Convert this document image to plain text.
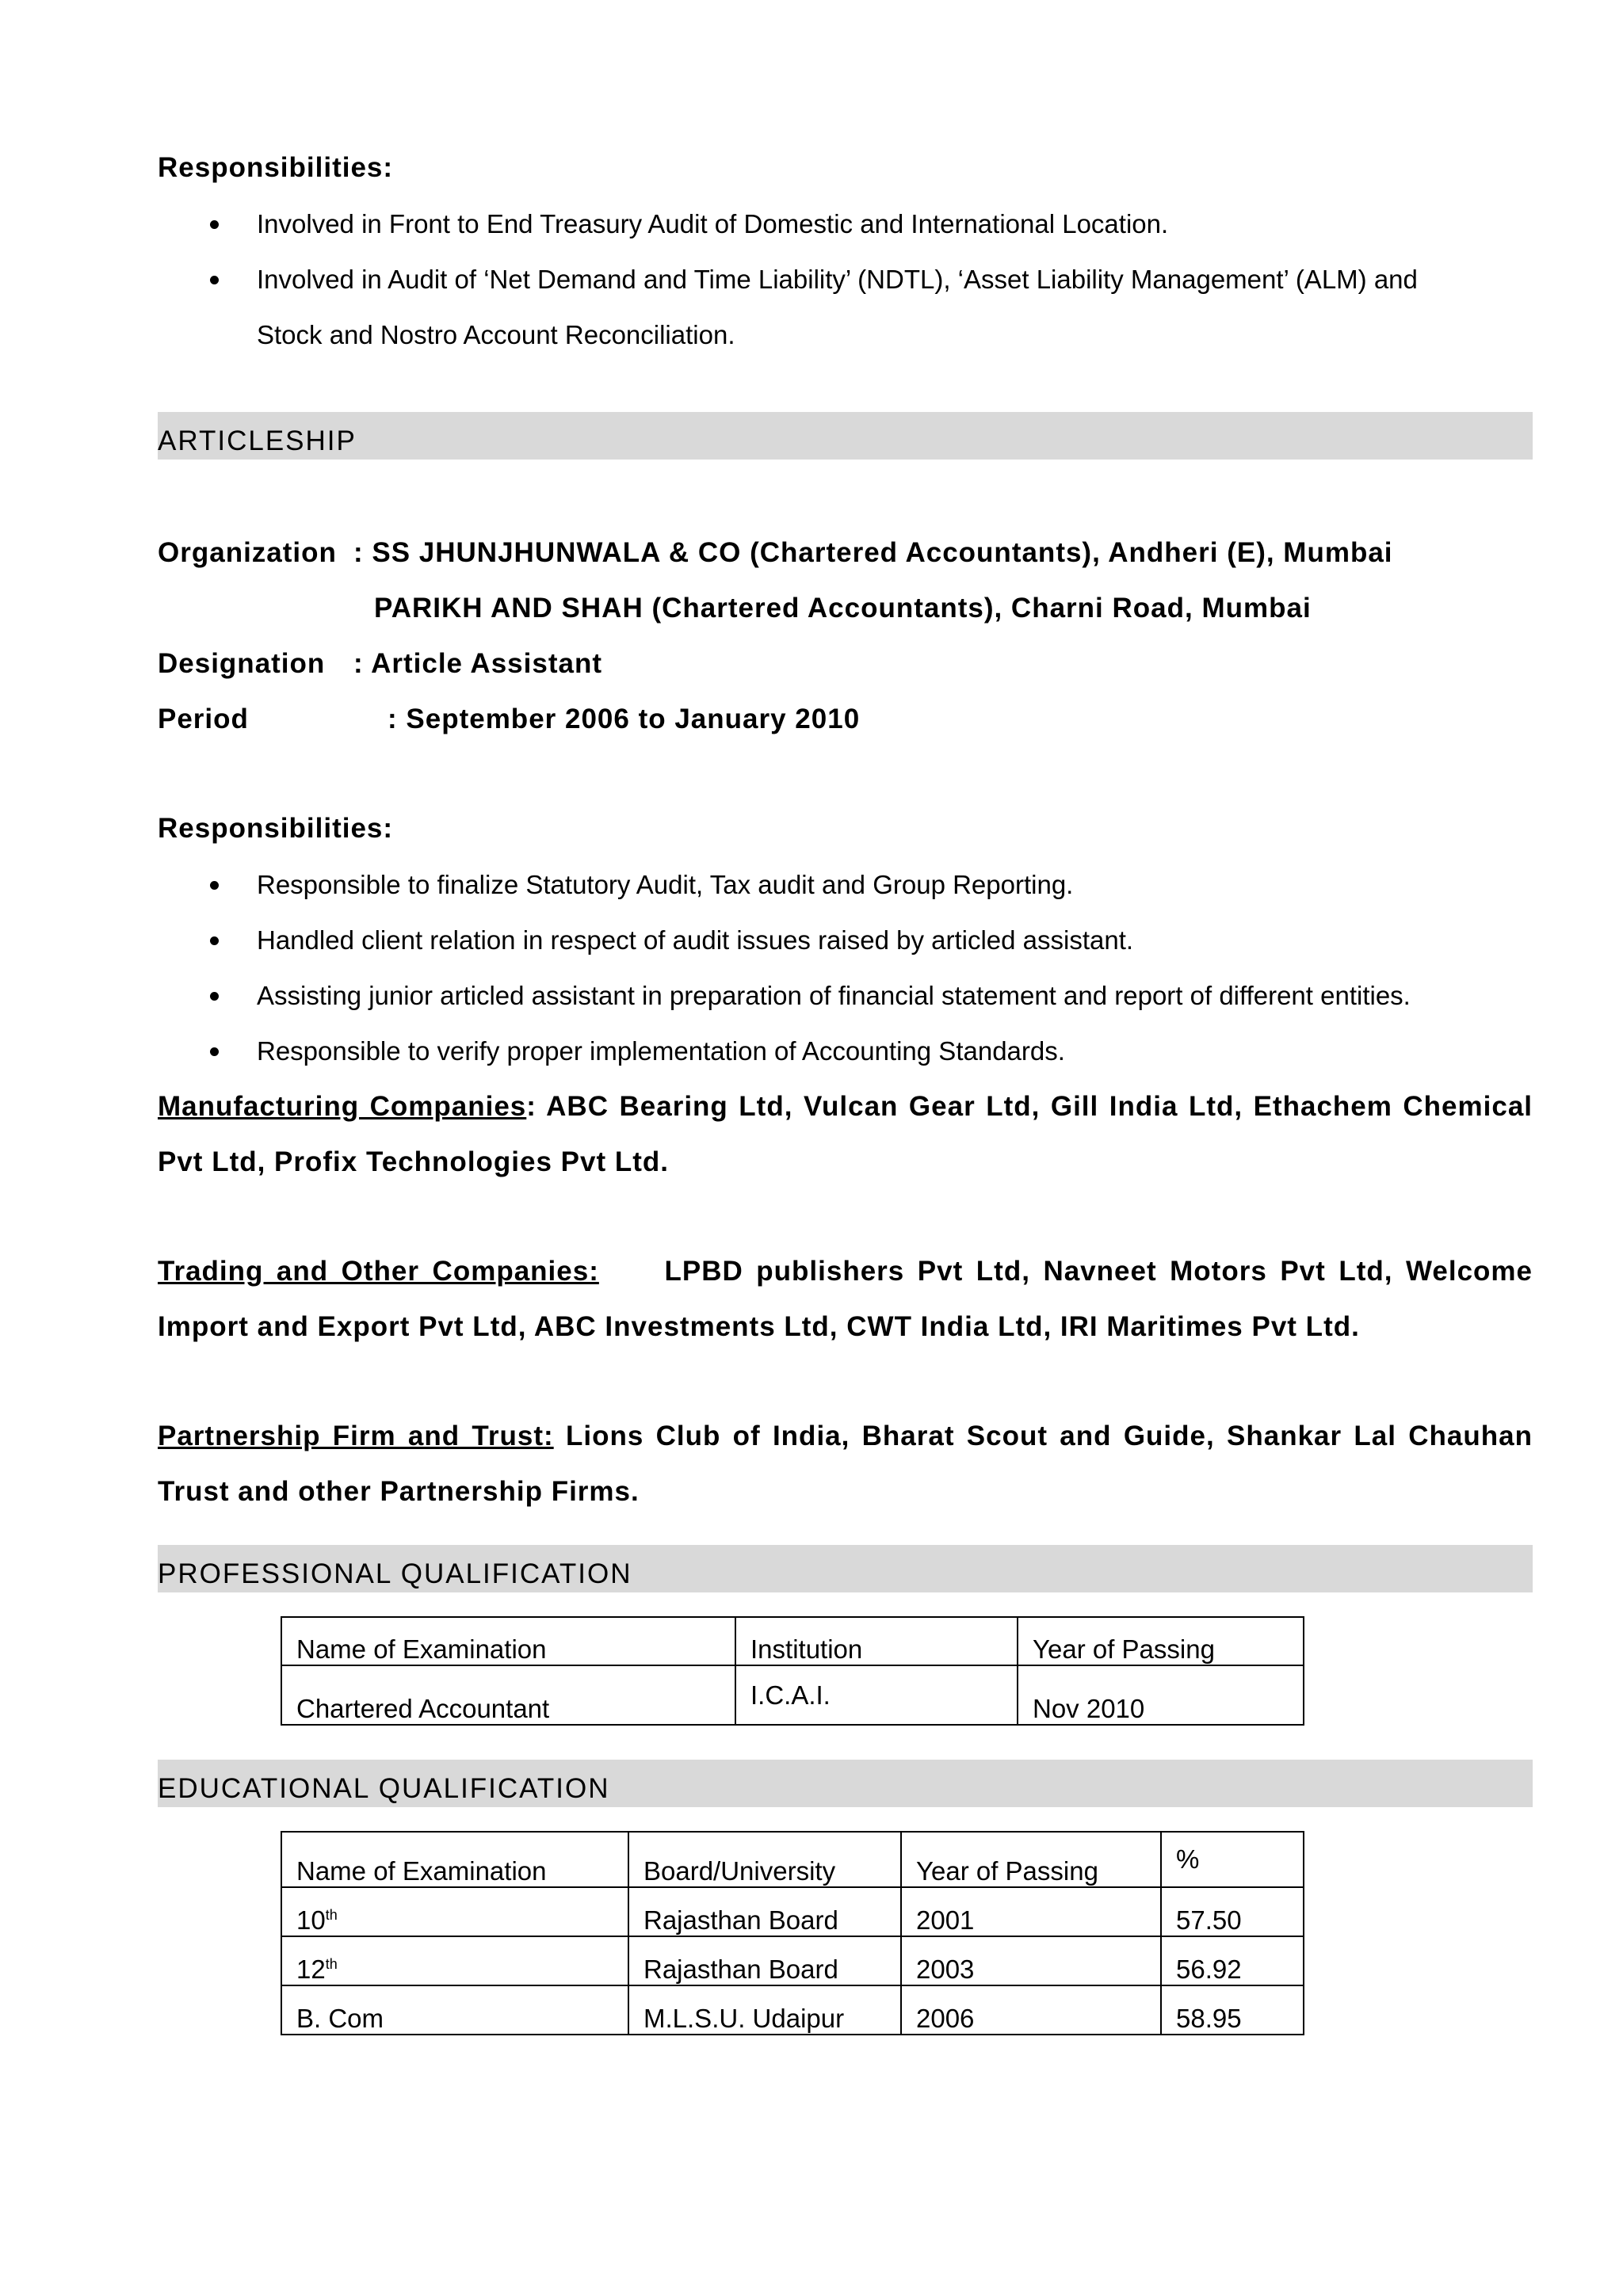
Responsibilities:
Involved in Front to End Treasury Audit of Domestic and International Location.
Involved in Audit of ‘Net Demand and Time Liability’ (NDTL), ‘Asset Liability Management’ (ALM) and Stock and Nostro Account Reconciliation.
ARTICLESHIP
Organization : SS JHUNJHUNWALA & CO (Chartered Accountants), Andheri (E), Mumbai
PARIKH AND SHAH (Chartered Accountants), Charni Road, Mumbai
Designation : Article Assistant
Period	: September 2006 to January 2010
Responsibilities:
Responsible to finalize Statutory Audit, Tax audit and Group Reporting.
Handled client relation in respect of audit issues raised by articled assistant.
Assisting junior articled assistant in preparation of financial statement and report of different entities.
Responsible to verify proper implementation of Accounting Standards.
Manufacturing Companies: ABC Bearing Ltd, Vulcan Gear Ltd, Gill India Ltd, Ethachem Chemical Pvt Ltd, Profix Technologies Pvt Ltd.
Trading and Other Companies: LPBD publishers Pvt Ltd, Navneet Motors Pvt Ltd, Welcome Import and Export Pvt Ltd, ABC Investments Ltd, CWT India Ltd, IRI Maritimes Pvt Ltd.
Partnership Firm and Trust: Lions Club of India, Bharat Scout and Guide, Shankar Lal Chauhan Trust and other Partnership Firms.
PROFESSIONAL QUALIFICATION
Name of Examination	Institution	Year of Passing
Chartered Accountant	I.C.A.I.	Nov 2010
EDUCATIONAL QUALIFICATION
Name of Examination	Board/University	Year of Passing	%
10th	Rajasthan Board	2001	57.50
12th	Rajasthan Board	2003	56.92
B. Com	M.L.S.U. Udaipur	2006	58.95
